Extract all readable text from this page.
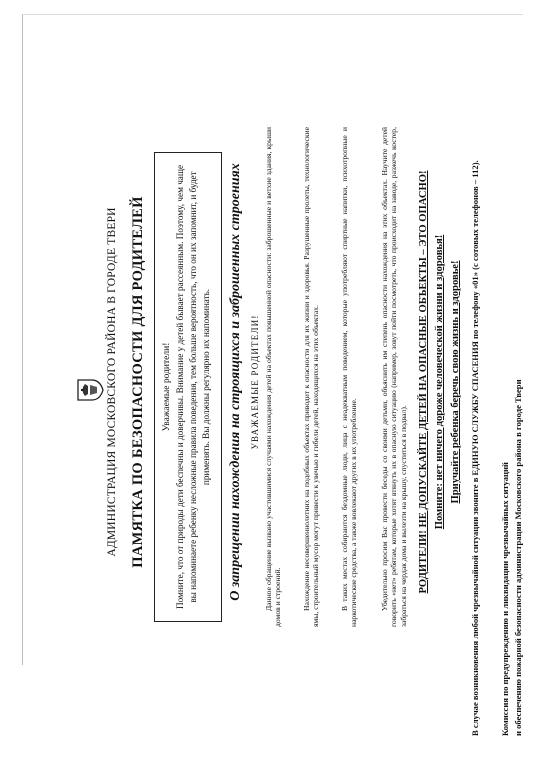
АДМИНИСТРАЦИЯ МОСКОВСКОГО РАЙОНА В ГОРОДЕ ТВЕРИ ПАМЯТКА ПО БЕЗОПАСНОСТИ ДЛЯ РОДИТЕЛЕЙ Уважаемые родители! Помните, что от природы дети беспечны и доверчивы. Внимание у детей бывает рассеянным. Поэтому, чем чаще вы напоминаете ребенку несложные правила поведения, тем больше вероятность, что он их запомнит, и будет применять. Вы должны регулярно их напоминать. О запрещении нахождения на строящихся и заброшенных строениях УВАЖАЕМЫЕ РОДИТЕЛИ! Данное обращение вызвано участившимися случаями нахождения детей на объектах повышенной опасности: заброшенные и ветхие здания, крыши домов и строений.	Нахождение несовершеннолетних на подобных объектах приводит к опасности для их жизни и здоровья. Разрушенные пролеты, технологические ямы, строительный мусор могут привести к увечью и гибели детей, находящихся на этих объектах.	В таких местах собираются бездомные люди, лица с неадекватным поведением, которые употребляют спиртные напитки, психотропные и наркотические средства, а также вовлекают других в их употребление.	Убедительно просим Вас провести беседы со своими детьми, объяснить им степень опасности нахождения на этих объектах. Научите детей говорить «нет» ребятам, которые хотят втянуть их в опасную ситуацию (например, зовут пойти посмотреть, что происходит на заводе, разжечь костер, забраться на чердак дома и вылезти на крышу, спуститься в подвал). РОДИТЕЛИ! НЕ ДОПУСКАЙТЕ ДЕТЕЙ НА ОПАСНЫЕ ОБЪЕКТЫ – ЭТО ОПАСНО! Помните: нет ничего дороже человеческой жизни и здоровья! Приучайте ребенка беречь свою жизнь и здоровье! В случае возникновения любой чрезвычайной ситуации звоните в ЕДИНУЮ СЛУЖБУ СПАСЕНИЯ по телефону «01» (с сотовых телефонов – 112). Комиссия по предупреждению и ликвидации чрезвычайных ситуаций и обеспечению пожарной безопасности администрации Московского района в городе Твери
